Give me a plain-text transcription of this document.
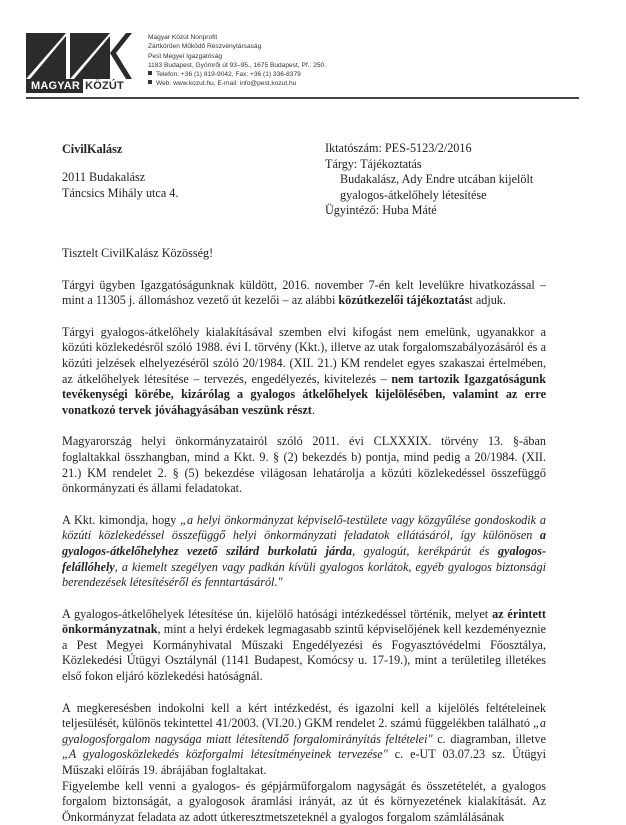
MAGYAR KÖZÚT
Magyar Közút Nonprofit
Zártkörűen Működő Részvénytársaság
Pest Megyei Igazgatóság
1183 Budapest, Gyömrői út 93–95., 1675 Budapest, Pf.: 250.
Telefon: +36 (1) 819-9042, Fax: +36 (1) 336-8379
Web: www.kozut.hu, E-mail: info@pest.kozut.hu
CivilKalász
2011 Budakalász
Táncsics Mihály utca 4.
Iktatószám: PES-5123/2/2016
Tárgy: Tájékoztatás
Budakalász, Ady Endre utcában kijelölt
gyalogos-átkelőhely létesítése
Ügyintéző: Huba Máté

Tisztelt CivilKalász Közösség!

Tárgyi ügyben Igazgatóságunknak küldött, 2016. november 7-én kelt levelükre hivatkozással – mint a 11305 j. állomáshoz vezető út kezelői – az alábbi közútkezelői tájékoztatást adjuk.

Tárgyi gyalogos-átkelőhely kialakításával szemben elvi kifogást nem emelünk, ugyanakkor a közúti közlekedésről szóló 1988. évi I. törvény (Kkt.), illetve az utak forgalomszabályozásáról és a közúti jelzések elhelyezéséről szóló 20/1984. (XII. 21.) KM rendelet egyes szakaszai értelmében, az átkelőhelyek létesítése – tervezés, engedélyezés, kivitelezés – nem tartozik Igazgatóságunk tevékenységi körébe, kizárólag a gyalogos átkelőhelyek kijelölésében, valamint az erre vonatkozó tervek jóváhagyásában veszünk részt.

Magyarország helyi önkormányzatairól szóló 2011. évi CLXXXIX. törvény 13. §-ában foglaltakkal összhangban, mind a Kkt. 9. § (2) bekezdés b) pontja, mind pedig a 20/1984. (XII. 21.) KM rendelet 2. § (5) bekezdése világosan lehatárolja a közúti közlekedéssel összefüggő önkormányzati és állami feladatokat.

A Kkt. kimondja, hogy „a helyi önkormányzat képviselő-testülete vagy közgyűlése gondoskodik a közúti közlekedéssel összefüggő helyi önkormányzati feladatok ellátásáról, így különösen a gyalogos-átkelőhelyhez vezető szilárd burkolatú járda, gyalogút, kerékpárút és gyalogos-felállóhely, a kiemelt szegélyen vagy padkán kívüli gyalogos korlátok, egyéb gyalogos biztonsági berendezések létesítéséről és fenntartásáról."

A gyalogos-átkelőhelyek létesítése ún. kijelölő hatósági intézkedéssel történik, melyet az érintett önkormányzatnak, mint a helyi érdekek legmagasabb szintű képviselőjének kell kezdeményeznie a Pest Megyei Kormányhivatal Műszaki Engedélyezési és Fogyasztóvédelmi Főosztálya, Közlekedési Útügyi Osztálynál (1141 Budapest, Komócsy u. 17-19.), mint a területileg illetékes első fokon eljáró közlekedési hatóságnál.

A megkeresésben indokolni kell a kért intézkedést, és igazolni kell a kijelölés feltételeinek teljesülését, különös tekintettel 41/2003. (VI.20.) GKM rendelet 2. számú függelékben található „a gyalogosforgalom nagysága miatt létesítendő forgalomirányítás feltételei" c. diagramban, illetve „A gyalogosközlekedés közforgalmi létesítményeinek tervezése" c. e-UT 03.07.23 sz. Útügyi Műszaki előírás 19. ábrájában foglaltakat.

Figyelembe kell venni a gyalogos- és gépjárműforgalom nagyságát és összetételét, a gyalogos forgalom biztonságát, a gyalogosok áramlási irányát, az út és környezetének kialakítását. Az Önkormányzat feladata az adott útkeresztmetszeteknél a gyalogos forgalom számlálásának
